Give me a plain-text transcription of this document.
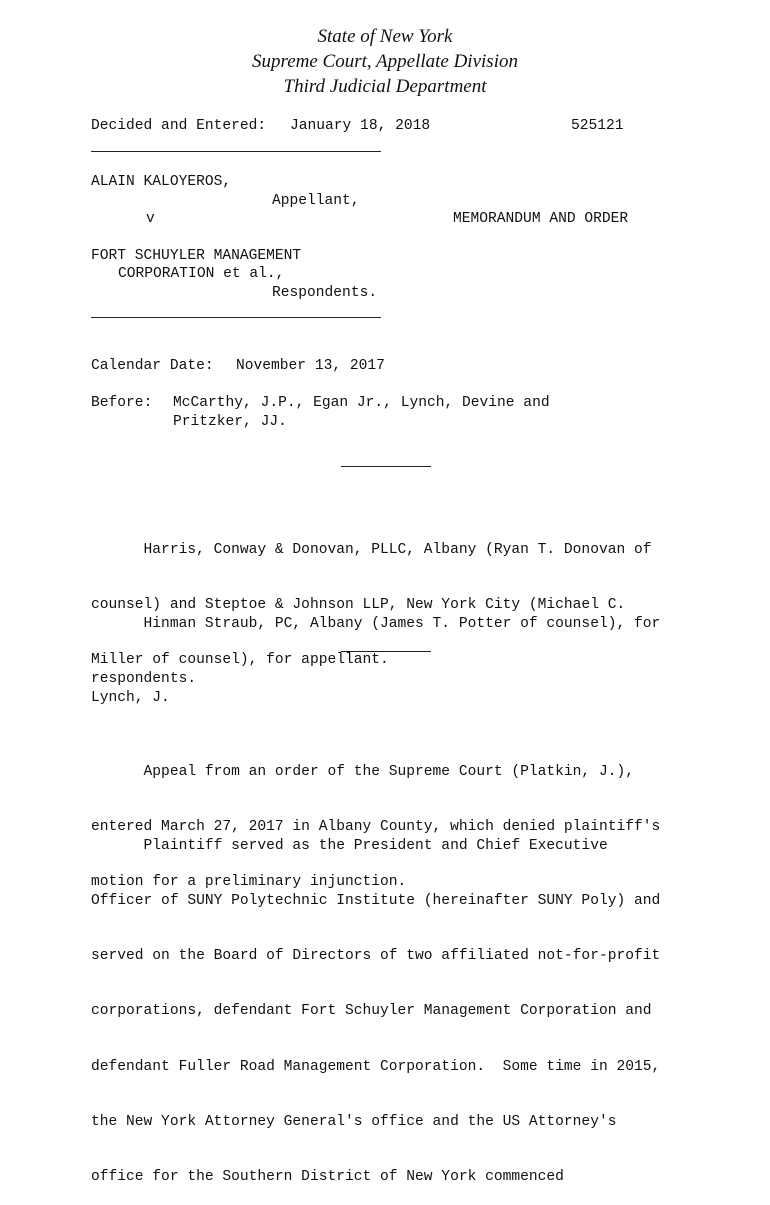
State of New York
Supreme Court, Appellate Division
Third Judicial Department
Decided and Entered: January 18, 2018	525121
ALAIN KALOYEROS,
Appellant,
v	MEMORANDUM AND ORDER
FORT SCHUYLER MANAGEMENT
CORPORATION et al.,
Respondents.
Calendar Date: November 13, 2017
Before: McCarthy, J.P., Egan Jr., Lynch, Devine and
Pritzker, JJ.

Harris, Conway & Donovan, PLLC, Albany (Ryan T. Donovan of

counsel) and Steptoe & Johnson LLP, New York City (Michael C.

Miller of counsel), for appellant.

Hinman Straub, PC, Albany (James T. Potter of counsel), for

respondents.

Lynch, J.

Appeal from an order of the Supreme Court (Platkin, J.),

entered March 27, 2017 in Albany County, which denied plaintiff's

motion for a preliminary injunction.

Plaintiff served as the President and Chief Executive

Officer of SUNY Polytechnic Institute (hereinafter SUNY Poly) and

served on the Board of Directors of two affiliated not-for-profit

corporations, defendant Fort Schuyler Management Corporation and

defendant Fuller Road Management Corporation.  Some time in 2015,

the New York Attorney General's office and the US Attorney's

office for the Southern District of New York commenced
